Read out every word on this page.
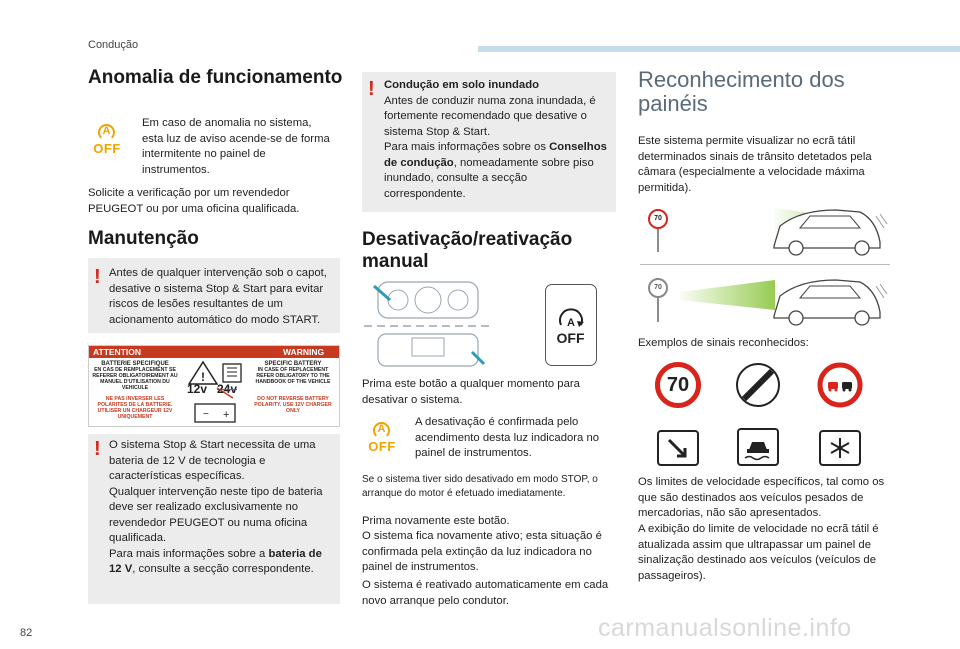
Condução
Anomalia de funcionamento
A
OFF

Em caso de anomalia no sistema, esta luz de aviso acende-se de forma intermitente no painel de instrumentos.

Solicite a verificação por um revendedor PEUGEOT ou por uma oficina qualificada.

Manutenção
! Antes de qualquer intervenção sob o capot, desative o sistema Stop & Start para evitar riscos de lesões resultantes de um acionamento automático do modo START.

ATTENTION	WARNING
BATTERIE SPECIFIQUE
EN CAS DE REMPLACEMENT SE REFERER OBLIGATOIREMENT AU MANUEL D'UTILISATION DU VEHICULE
NE PAS INVERSER LES POLARITES DE LA BATTERIE. UTILISER UN CHARGEUR 12V UNIQUEMENT
SPECIFIC BATTERY
IN CASE OF REPLACEMENT REFER OBLIGATORY TO THE HANDBOOK OF THE VEHICLE
DO NOT REVERSE BATTERY POLARITY. USE 12V CHARGER ONLY
!
− +
12v 24v
! O sistema Stop & Start necessita de uma bateria de 12 V de tecnologia e características específicas.

Qualquer intervenção neste tipo de bateria deve ser realizado exclusivamente no revendedor PEUGEOT ou numa oficina qualificada.

Para mais informações sobre a bateria de 12 V, consulte a secção correspondente.

! Condução em solo inundado

Antes de conduzir numa zona inundada, é fortemente recomendado que desative o sistema Stop & Start.

Para mais informações sobre os Conselhos de condução, nomeadamente sobre piso inundado, consulte a secção correspondente.

Desativação/reativação
manual
A
OFF

Prima este botão a qualquer momento para desativar o sistema.

A
OFF

A desativação é confirmada pelo acendimento desta luz indicadora no painel de instrumentos.

Se o sistema tiver sido desativado em modo STOP, o arranque do motor é efetuado imediatamente.

Prima novamente este botão.

O sistema fica novamente ativo; esta situação é confirmada pela extinção da luz indicadora no painel de instrumentos.

O sistema é reativado automaticamente em cada novo arranque pelo condutor.

Reconhecimento dos
painéis

Este sistema permite visualizar no ecrã tátil determinados sinais de trânsito detetados pela câmara (especialmente a velocidade máxima permitida).

70
70

Exemplos de sinais reconhecidos:

70

Os limites de velocidade específicos, tal como os que são destinados aos veículos pesados de mercadorias, não são apresentados.

A exibição do limite de velocidade no ecrã tátil é atualizada assim que ultrapassar um painel de sinalização destinado aos veículos (veículos de passageiros).

82	carmanualsonline.info
